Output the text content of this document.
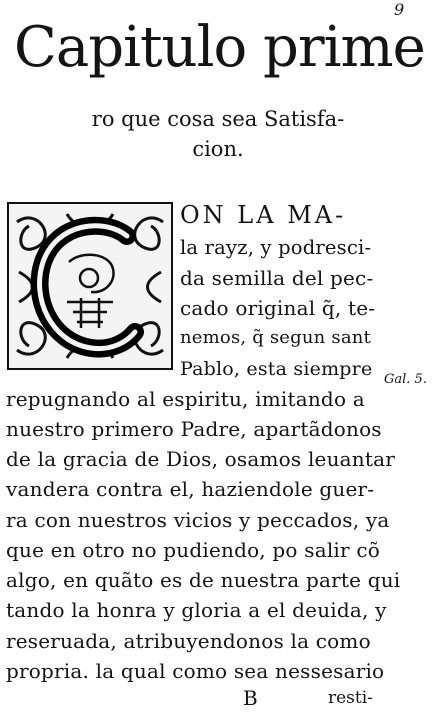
9
Capitulo prime
ro que cosa sea Satisfa-
cion.
ON LA MA-
la rayz, y podresci-
da semilla del pec-
cado original q̃, te-
nemos, q̃ segun sant
Pablo, esta siempre
repugnando al espiritu, imitando a
nuestro primero Padre, apartãdonos
de la gracia de Dios, osamos leuantar
vandera contra el, haziendole guer-
ra con nuestros vicios y peccados, ya
que en otro no pudiendo, po salir cõ
algo, en quãto es de nuestra parte qui
tando la honra y gloria a el deuida, y
reseruada, atribuyendonos la como
propria. la qual como sea nessesario
Gal. 5.
B	resti-
